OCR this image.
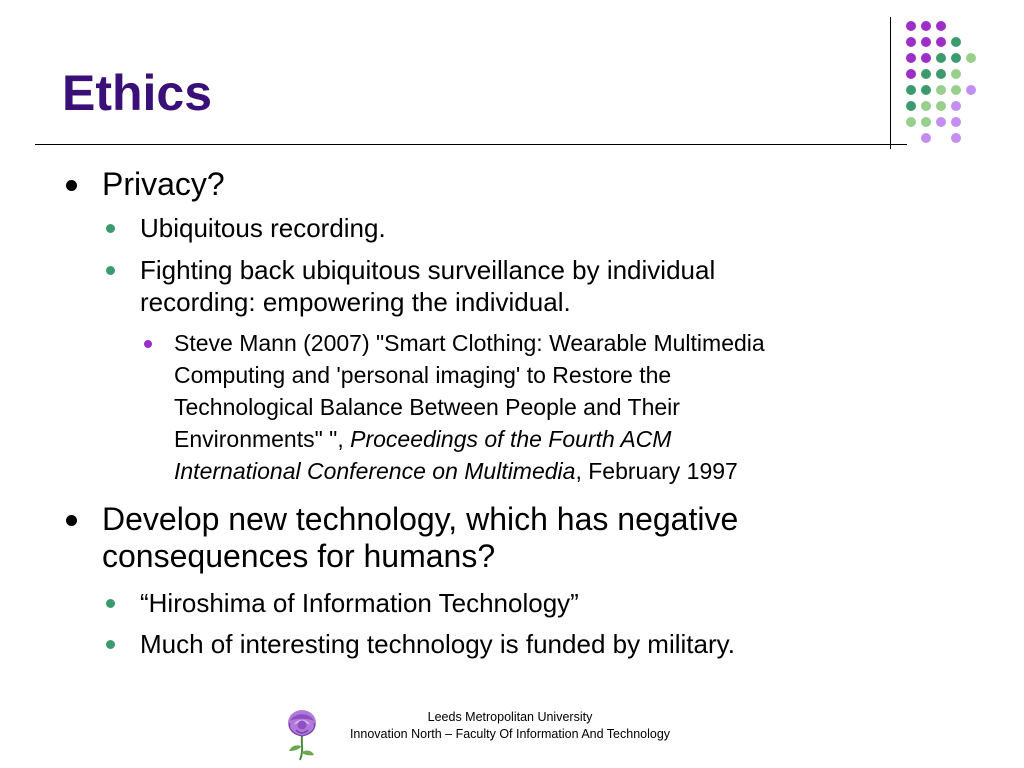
Ethics
Privacy?
Ubiquitous recording.
Fighting back ubiquitous surveillance by individual
recording: empowering the individual.
Steve Mann (2007) "Smart Clothing: Wearable Multimedia
Computing and 'personal imaging' to Restore the
Technological Balance Between People and Their
Environments" ", Proceedings of the Fourth ACM
International Conference on Multimedia, February 1997
Develop new technology, which has negative
consequences for humans?
“Hiroshima of Information Technology”
Much of interesting technology is funded by military.
Leeds Metropolitan University
Innovation North – Faculty Of Information And Technology
